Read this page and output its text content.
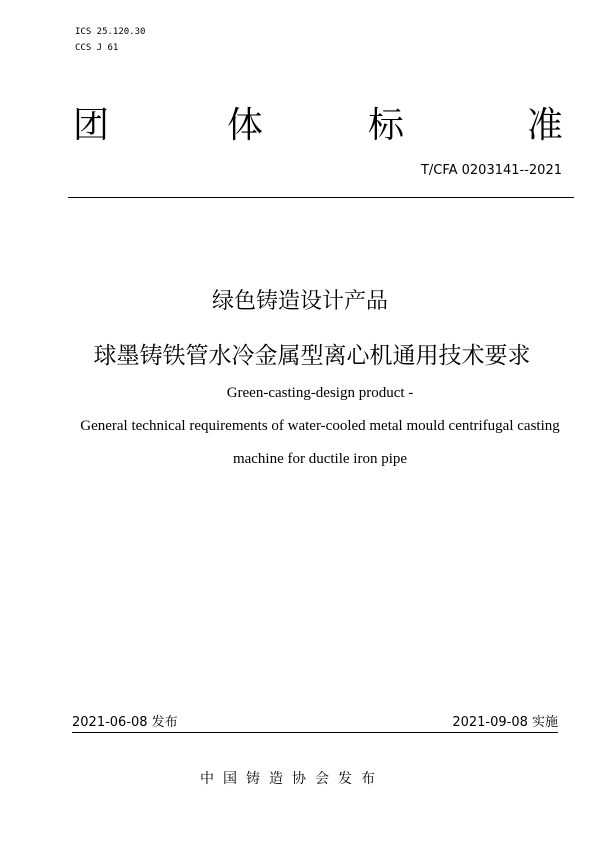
ICS 25.120.30
CCS J 61
团	体	标	准
T/CFA 0203141--2021
绿色铸造设计产品
球墨铸铁管水冷金属型离心机通用技术要求
Green-casting-design product -
General technical requirements of water-cooled metal mould centrifugal casting
machine for ductile iron pipe
2021-06-08 发布	2021-09-08 实施
中国铸造协会发布
